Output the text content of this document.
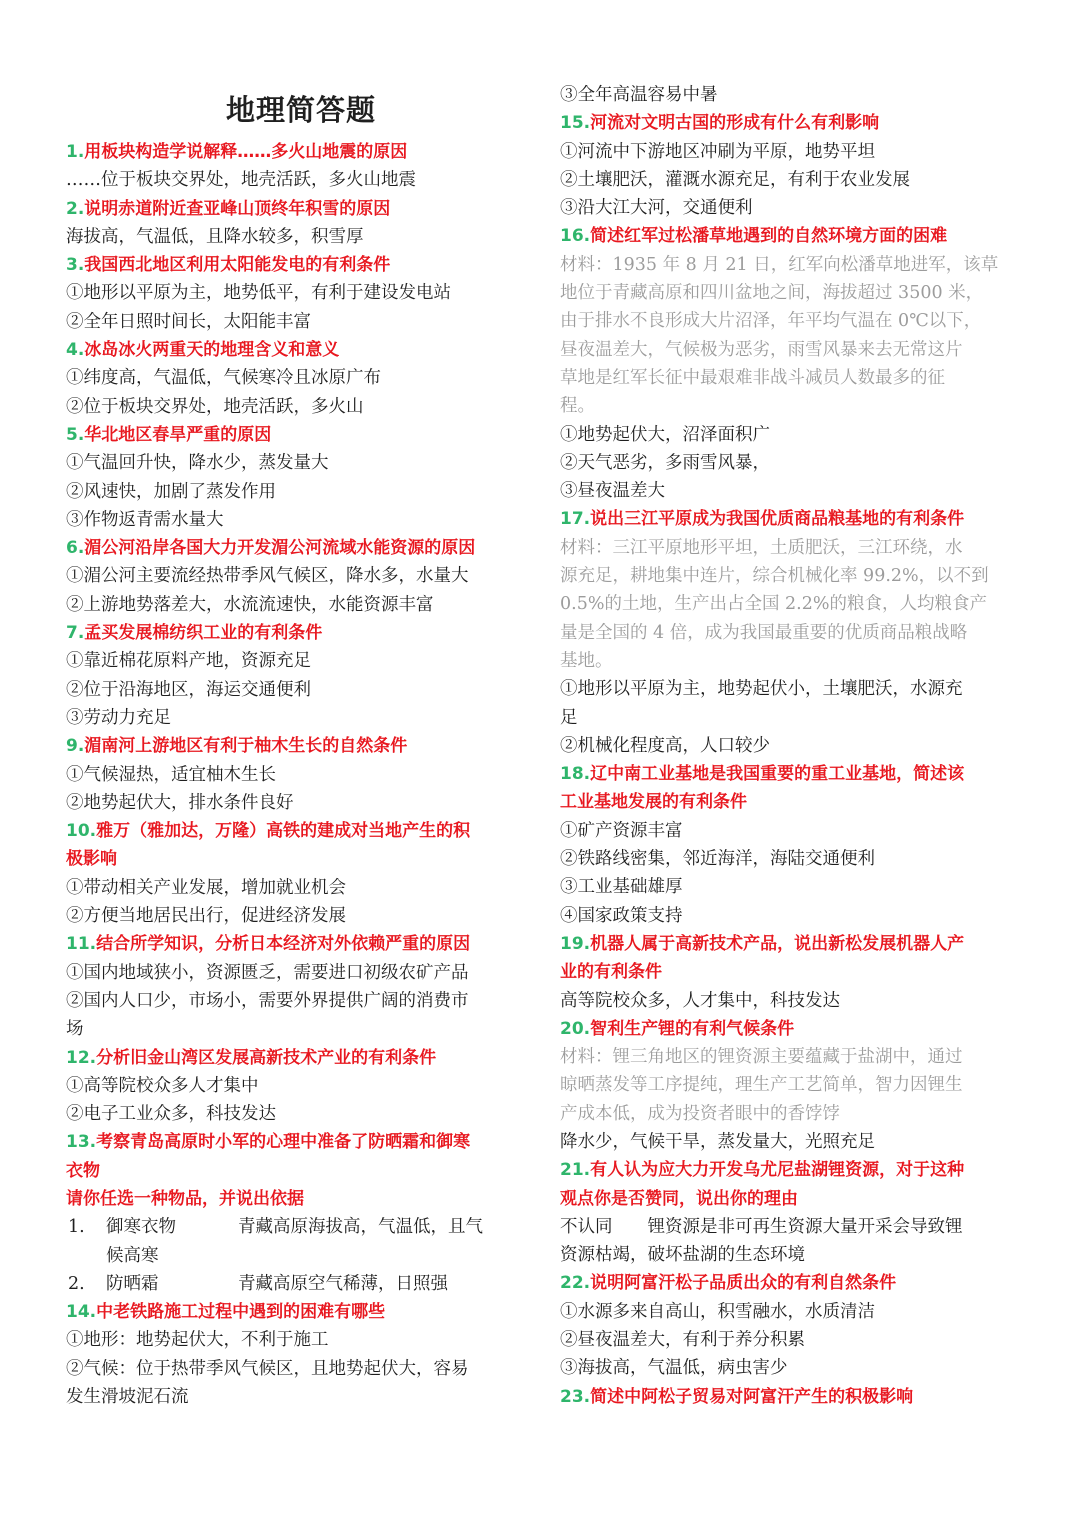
地理简答题
1.用板块构造学说解释……多火山地震的原因
……位于板块交界处，地壳活跃，多火山地震
2.说明赤道附近查亚峰山顶终年积雪的原因
海拔高，气温低，且降水较多，积雪厚
3.我国西北地区利用太阳能发电的有利条件
①地形以平原为主，地势低平，有利于建设发电站
②全年日照时间长，太阳能丰富
4.冰岛冰火两重天的地理含义和意义
①纬度高，气温低，气候寒冷且冰原广布
②位于板块交界处，地壳活跃，多火山
5.华北地区春旱严重的原因
①气温回升快，降水少，蒸发量大
②风速快，加剧了蒸发作用
③作物返青需水量大
6.湄公河沿岸各国大力开发湄公河流域水能资源的原因
①湄公河主要流经热带季风气候区，降水多，水量大
②上游地势落差大，水流流速快，水能资源丰富
7.孟买发展棉纺织工业的有利条件
①靠近棉花原料产地，资源充足
②位于沿海地区，海运交通便利
③劳动力充足
9.湄南河上游地区有利于柚木生长的自然条件
①气候湿热，适宜柚木生长
②地势起伏大，排水条件良好
10.雅万（雅加达，万隆）高铁的建成对当地产生的积
极影响
①带动相关产业发展，增加就业机会
②方便当地居民出行，促进经济发展
11.结合所学知识，分析日本经济对外依赖严重的原因
①国内地域狭小，资源匮乏，需要进口初级农矿产品
②国内人口少，市场小，需要外界提供广阔的消费市
场
12.分析旧金山湾区发展高新技术产业的有利条件
①高等院校众多人才集中
②电子工业众多，科技发达
13.考察青岛高原时小军的心理中准备了防晒霜和御寒
衣物
请你任选一种物品，并说出依据
1.	御寒衣物	青藏高原海拔高，气温低，且气
候高寒
2.	防晒霜	青藏高原空气稀薄，日照强
14.中老铁路施工过程中遇到的困难有哪些
①地形：地势起伏大，不利于施工
②气候：位于热带季风气候区，且地势起伏大，容易
发生滑坡泥石流
③全年高温容易中暑
15.河流对文明古国的形成有什么有利影响
①河流中下游地区冲刷为平原，地势平坦
②土壤肥沃，灌溉水源充足，有利于农业发展
③沿大江大河，交通便利
16.简述红军过松潘草地遇到的自然环境方面的困难
材料：1935 年 8 月 21 日，红军向松潘草地进军，该草
地位于青藏高原和四川盆地之间，海拔超过 3500 米，
由于排水不良形成大片沼泽，年平均气温在 0℃以下，
昼夜温差大，气候极为恶劣，雨雪风暴来去无常这片
草地是红军长征中最艰难非战斗减员人数最多的征
程。
①地势起伏大，沼泽面积广
②天气恶劣，多雨雪风暴，
③昼夜温差大
17.说出三江平原成为我国优质商品粮基地的有利条件
材料：三江平原地形平坦，土质肥沃，三江环绕，水
源充足，耕地集中连片，综合机械化率 99.2%，以不到
0.5%的土地，生产出占全国 2.2%的粮食，人均粮食产
量是全国的 4 倍，成为我国最重要的优质商品粮战略
基地。
①地形以平原为主，地势起伏小，土壤肥沃，水源充
足
②机械化程度高，人口较少
18.辽中南工业基地是我国重要的重工业基地，简述该
工业基地发展的有利条件
①矿产资源丰富
②铁路线密集，邻近海洋，海陆交通便利
③工业基础雄厚
④国家政策支持
19.机器人属于高新技术产品，说出新松发展机器人产
业的有利条件
高等院校众多，人才集中，科技发达
20.智利生产锂的有利气候条件
材料：锂三角地区的锂资源主要蕴藏于盐湖中，通过
晾晒蒸发等工序提纯，理生产工艺简单，智力因锂生
产成本低，成为投资者眼中的香饽饽
降水少，气候干旱，蒸发量大，光照充足
21.有人认为应大力开发乌尤尼盐湖锂资源，对于这种
观点你是否赞同，说出你的理由
不认同　　锂资源是非可再生资源大量开采会导致锂
资源枯竭，破坏盐湖的生态环境
22.说明阿富汗松子品质出众的有利自然条件
①水源多来自高山，积雪融水，水质清洁
②昼夜温差大，有利于养分积累
③海拔高，气温低，病虫害少
23.简述中阿松子贸易对阿富汗产生的积极影响
